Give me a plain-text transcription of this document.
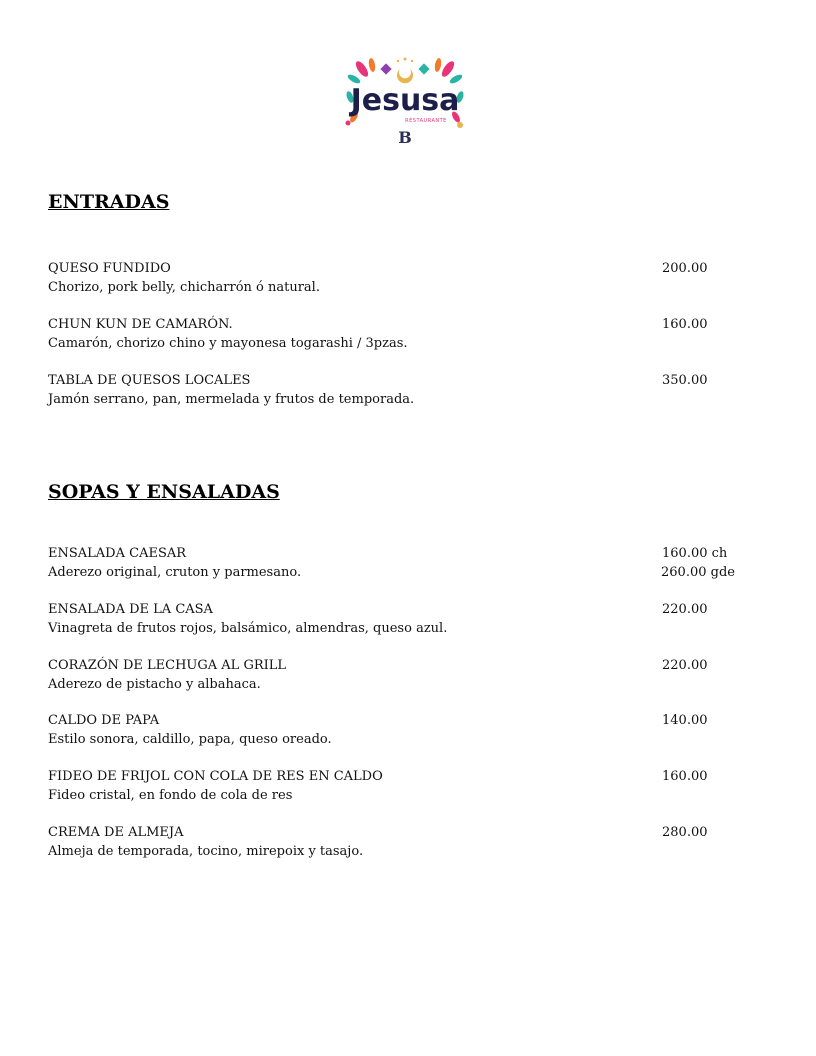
Jesusa
RESTAURANTE
B
ENTRADAS
QUESO FUNDIDO
Chorizo, pork belly, chicharrón ó natural.
200.00
CHUN KUN DE CAMARÓN.
Camarón, chorizo chino y mayonesa togarashi / 3pzas.
160.00
TABLA DE QUESOS LOCALES
Jamón serrano, pan, mermelada y frutos de temporada.
350.00
SOPAS Y ENSALADAS
ENSALADA CAESAR
Aderezo original, cruton y parmesano.
160.00 ch
260.00 gde
ENSALADA DE LA CASA
Vinagreta de frutos rojos, balsámico, almendras, queso azul.
220.00
CORAZÓN DE LECHUGA AL GRILL
Aderezo de pistacho y albahaca.
220.00
CALDO DE PAPA
Estilo sonora, caldillo, papa, queso oreado.
140.00
FIDEO DE FRIJOL CON COLA DE RES EN CALDO
Fideo cristal, en fondo de cola de res
160.00
CREMA DE ALMEJA
Almeja de temporada, tocino, mirepoix y tasajo.
280.00
